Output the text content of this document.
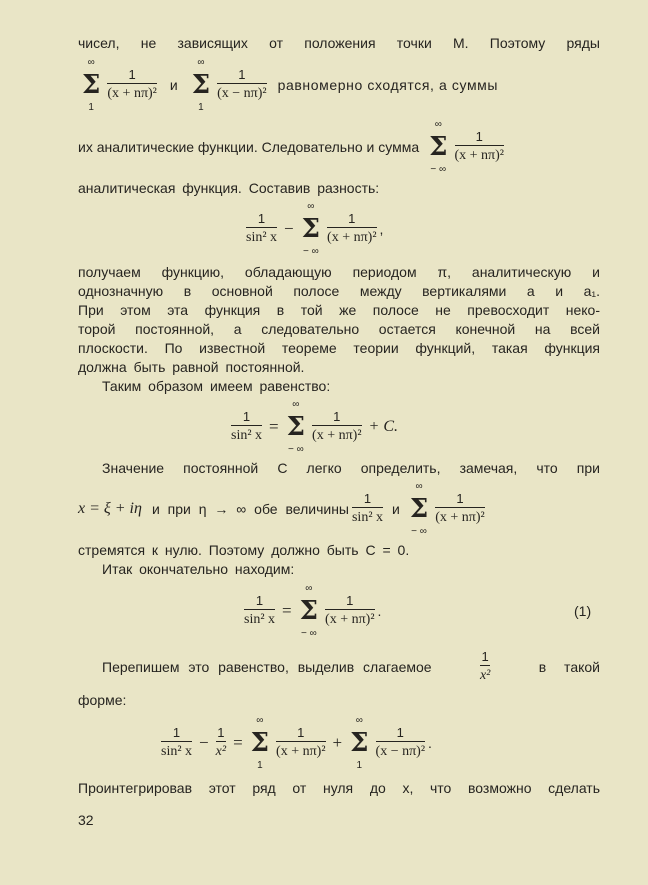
чисел, не зависящих от положения точки М. Поэтому ряды
∞
Σ
1
$\frac{1}{\text{(x + nπ)²}}$ и
∞
Σ
1
$\frac{1}{\text{(x − nπ)²}}$ равномерно сходятся, а суммы
их аналитические функции. Следовательно и сумма
∞
Σ
− ∞
$\frac{1}{\text{(x + nπ)²}}$
аналитическая функция. Составив разность:
$\frac{1}{\text{sin² x}}$ −
∞
Σ
− ∞
$\frac{1}{\text{(x + nπ)²}}$ ,
получаем функцию, обладающую периодом π, аналитическую и
однозначную в основной полосе между вертикалями a и a₁.
При этом эта функция в той же полосе не превосходит неко-
торой постоянной, а следовательно остается конечной на всей
плоскости. По известной теореме теории функций, такая функция
должна быть равной постоянной.
Таким образом имеем равенство:
$\frac{1}{\text{sin² x}}$ =
∞
Σ
− ∞
$\frac{1}{\text{(x + nπ)²}} + C$.
Значение постоянной C легко определить, замечая, что при
x = ξ + iη и при η → ∞ обе величины $\frac{1}{\text{sin² x}}$ и
∞
Σ
− ∞
$\frac{1}{\text{(x + nπ)²}}$
стремятся к нулю. Поэтому должно быть C = 0.
Итак окончательно находим:
$\frac{1}{\text{sin² x}}$ =
∞
Σ
− ∞
$\frac{1}{\text{(x + nπ)²}}$ .	(1)
Перепишем это равенство, выделив слагаемое	$\frac{1}{\text{x²}}$	в такой
форме:
$\frac{1}{\text{sin² x}} - \frac{1}{\text{x²}}$ =
∞
Σ
1
$\frac{1}{\text{(x + nπ)²}}$ +
∞
Σ
1
$\frac{1}{\text{(x − nπ)²}}$ .
Проинтегрировав этот ряд от нуля до x, что возможно сделать
32
